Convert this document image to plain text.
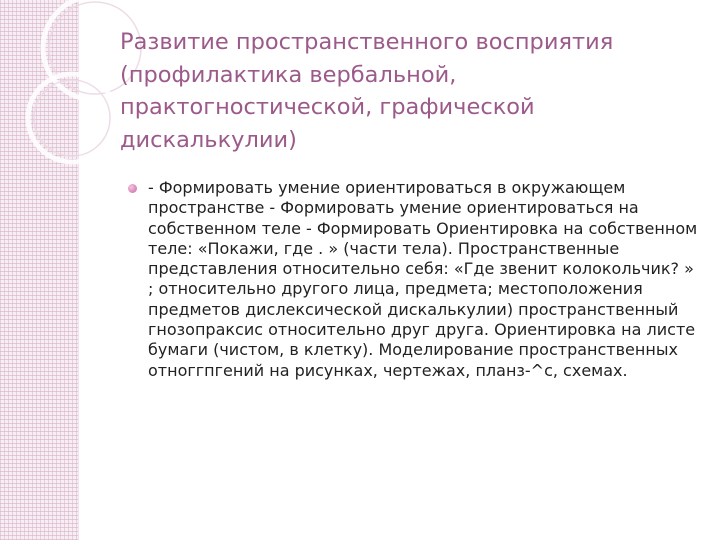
Развитие пространственного восприятия (профилактика вербальной, практогностической, графической дискалькулии)
- Формировать умение ориентироваться в окружающем пространстве - Формировать умение ориентироваться на собственном теле - Формировать Ориентировка на собственном теле: «Покажи, где . » (части тела). Пространственные представления относительно себя: «Где звенит колокольчик? » ; относительно другого лица, предмета; местоположения предметов дислексической дискалькулии) пространственный гнозопраксис относительно друг друга. Ориентировка на листе бумаги (чистом, в клетку). Моделирование пространственных отноггпгений на рисунках, чертежах, планз-^с, схемах.
